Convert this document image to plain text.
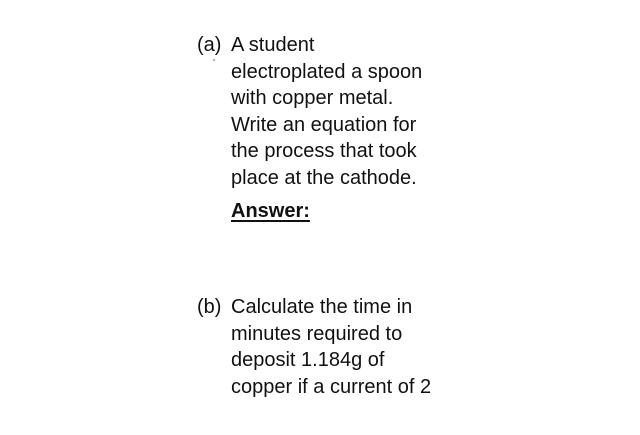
(a) A student
electroplated a spoon
with copper metal.
Write an equation for
the process that took
place at the cathode.
Answer:
(b) Calculate the time in
minutes required to
deposit 1.184g of
copper if a current of 2
